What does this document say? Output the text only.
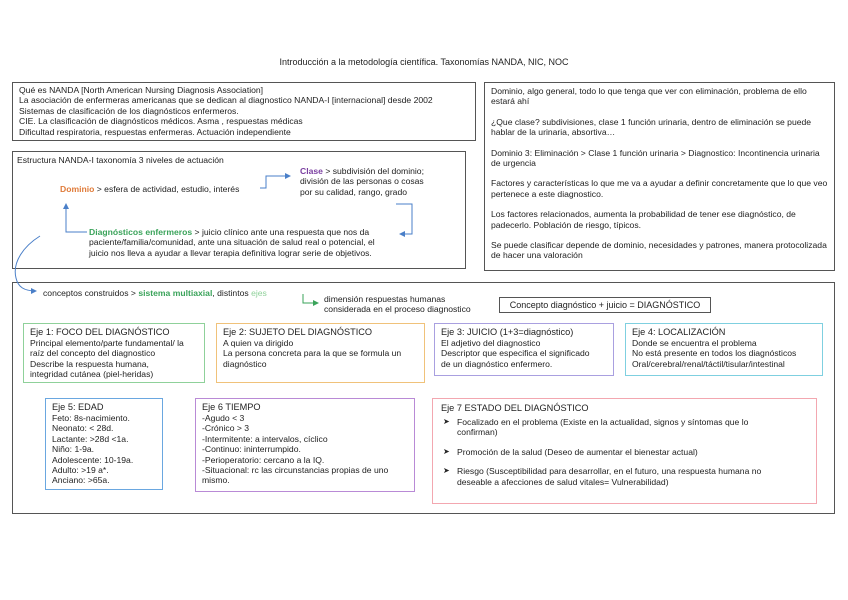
Introducción a la metodología científica. Taxonomías NANDA, NIC, NOC
Qué es NANDA [North American Nursing Diagnosis Association]
La asociación de enfermeras americanas que se dedican al diagnostico NANDA-I [internacional] desde 2002
Sistemas de clasificación de los diagnósticos enfermeros.
CIE. La clasificación de diagnósticos médicos. Asma , respuestas médicas
Dificultad respiratoria, respuestas enfermeras. Actuación independiente
Dominio, algo general, todo lo que tenga que ver con eliminación, problema de ello estará ahí
¿Que clase? subdivisiones, clase 1 función urinaria, dentro de eliminación se puede hablar de la urinaria, absortiva…
Dominio 3: Eliminación > Clase 1 función urinaria > Diagnostico: Incontinencia urinaria de urgencia
Factores y características lo que me va a ayudar a definir concretamente que lo que veo pertenece a este diagnostico.
Los factores relacionados, aumenta la probabilidad de tener ese diagnóstico, de padecerlo. Población de riesgo, típicos.
Se puede clasificar depende de dominio, necesidades y patrones, manera protocolizada de hacer una valoración
Estructura NANDA-I taxonomía 3 niveles de actuación
Dominio > esfera de actividad, estudio, interés
Clase > subdivisión del dominio;
división de las personas o cosas
por su calidad, rango, grado
Diagnósticos enfermeros > juicio clínico ante una respuesta que nos da
paciente/familia/comunidad, ante una situación de salud real o potencial, el
juicio nos lleva a ayudar a llevar terapia definitiva lograr serie de objetivos.
conceptos construidos > sistema multiaxial, distintos ejes
dimensión respuestas humanas
considerada en el proceso diagnostico	Concepto diagnóstico + juicio = DIAGNÓSTICO
Eje 1: FOCO DEL DIAGNÓSTICO
Principal elemento/parte fundamental/ la
raíz del concepto del diagnostico
Describe la respuesta humana,
integridad cutánea (piel-heridas)
Eje 2: SUJETO DEL DIAGNÓSTICO
A quien va dirigido
La persona concreta para la que se formula un
diagnóstico
Eje 3: JUICIO (1+3=diagnóstico)
El adjetivo del diagnostico
Descriptor que especifica el significado
de un diagnóstico enfermero.
Eje 4: LOCALIZACIÓN
Donde se encuentra el problema
No está presente en todos los diagnósticos
Oral/cerebral/renal/táctil/tisular/intestinal
Eje 5: EDAD
Feto: 8s-nacimiento.
Neonato: < 28d.
Lactante: >28d <1a.
Niño: 1-9a.
Adolescente: 10-19a.
Adulto: >19 a*.
Anciano: >65a.
Eje 6 TIEMPO
-Agudo < 3
-Crónico > 3
-Intermitente: a intervalos, cíclico
-Continuo: ininterrumpido.
-Perioperatorio: cercano a la IQ.
-Situacional: rc las circunstancias propias de uno
mismo.
Eje 7 ESTADO DEL DIAGNÓSTICO
➤ Focalizado en el problema (Existe en la actualidad, signos y síntomas que lo
confirman)
➤ Promoción de la salud (Deseo de aumentar el bienestar actual)
➤ Riesgo (Susceptibilidad para desarrollar, en el futuro, una respuesta humana no
deseable a afecciones de salud vitales= Vulnerabilidad)
